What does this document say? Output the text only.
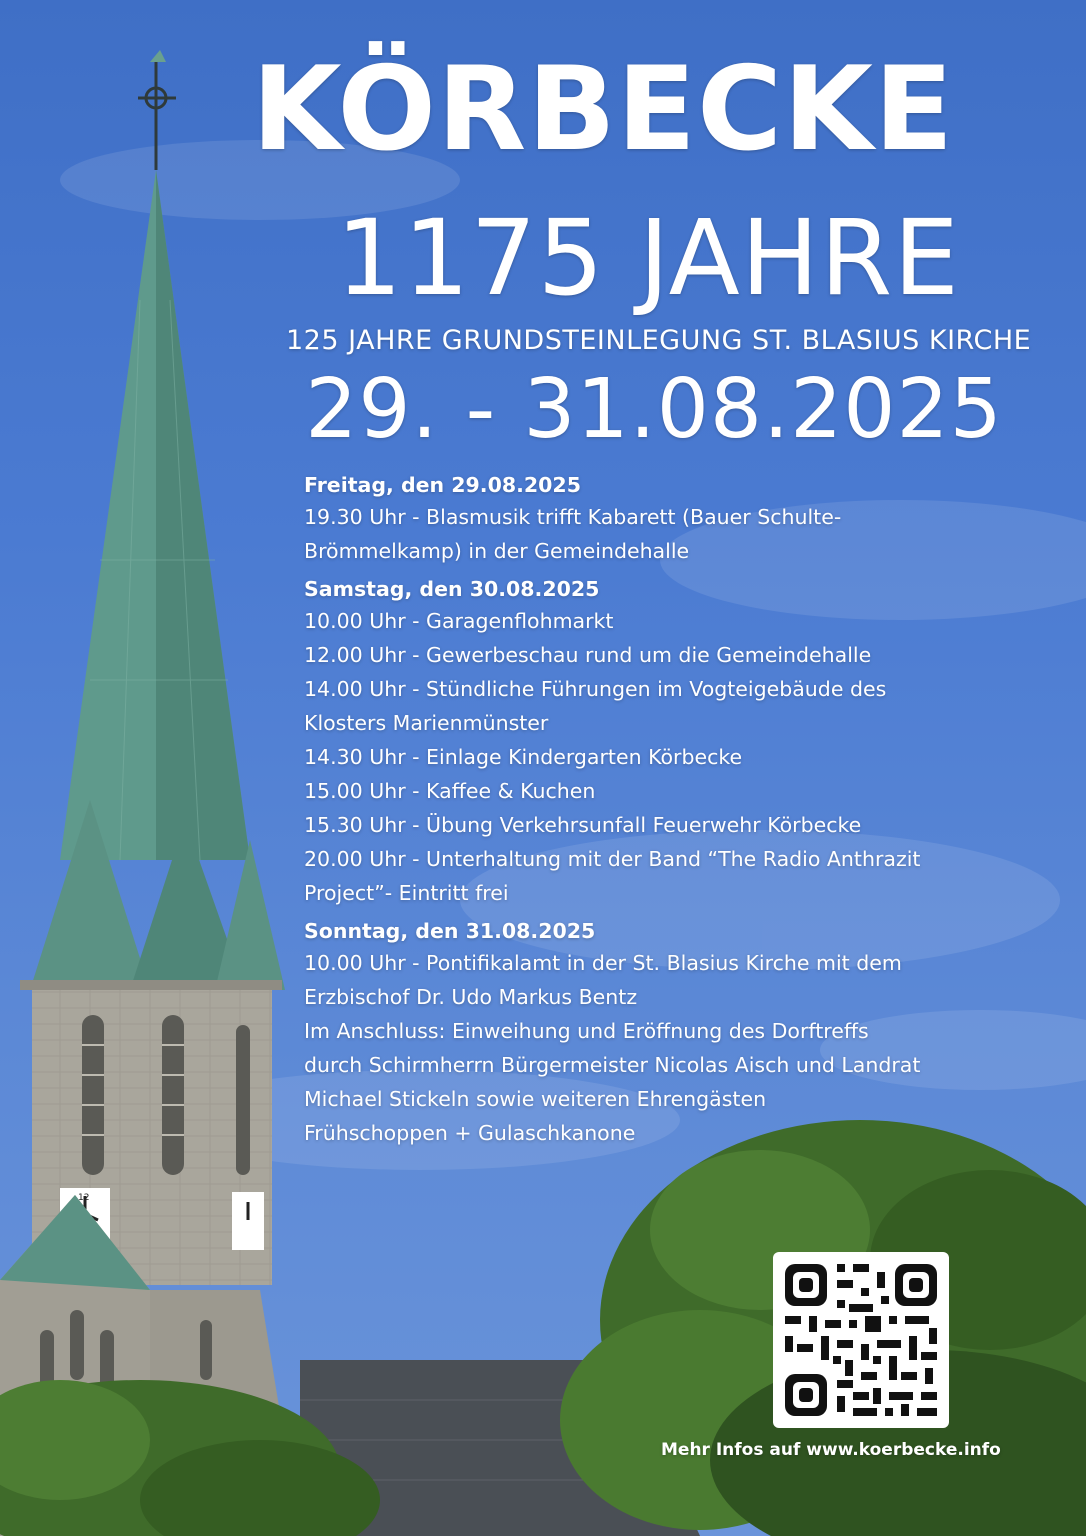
12
KÖRBECKE
1175 JAHRE
125 JAHRE GRUNDSTEINLEGUNG ST. BLASIUS KIRCHE
29. - 31.08.2025
Freitag, den 29.08.2025
19.30 Uhr - Blasmusik trifft Kabarett (Bauer Schulte-
Brömmelkamp) in der Gemeindehalle
Samstag, den 30.08.2025
10.00 Uhr - Garagenflohmarkt
12.00 Uhr - Gewerbeschau rund um die Gemeindehalle
14.00 Uhr - Stündliche Führungen im Vogteigebäude des
Klosters Marienmünster
14.30 Uhr - Einlage Kindergarten Körbecke
15.00 Uhr - Kaffee & Kuchen
15.30 Uhr - Übung Verkehrsunfall Feuerwehr Körbecke
20.00 Uhr - Unterhaltung mit der Band “The Radio Anthrazit
Project”- Eintritt frei
Sonntag, den 31.08.2025
10.00 Uhr - Pontifikalamt in der St. Blasius Kirche mit dem
Erzbischof Dr. Udo Markus Bentz
Im Anschluss: Einweihung und Eröffnung des Dorftreffs
durch Schirmherrn Bürgermeister Nicolas Aisch und Landrat
Michael Stickeln sowie weiteren Ehrengästen
Frühschoppen + Gulaschkanone
Mehr Infos auf www.koerbecke.info
